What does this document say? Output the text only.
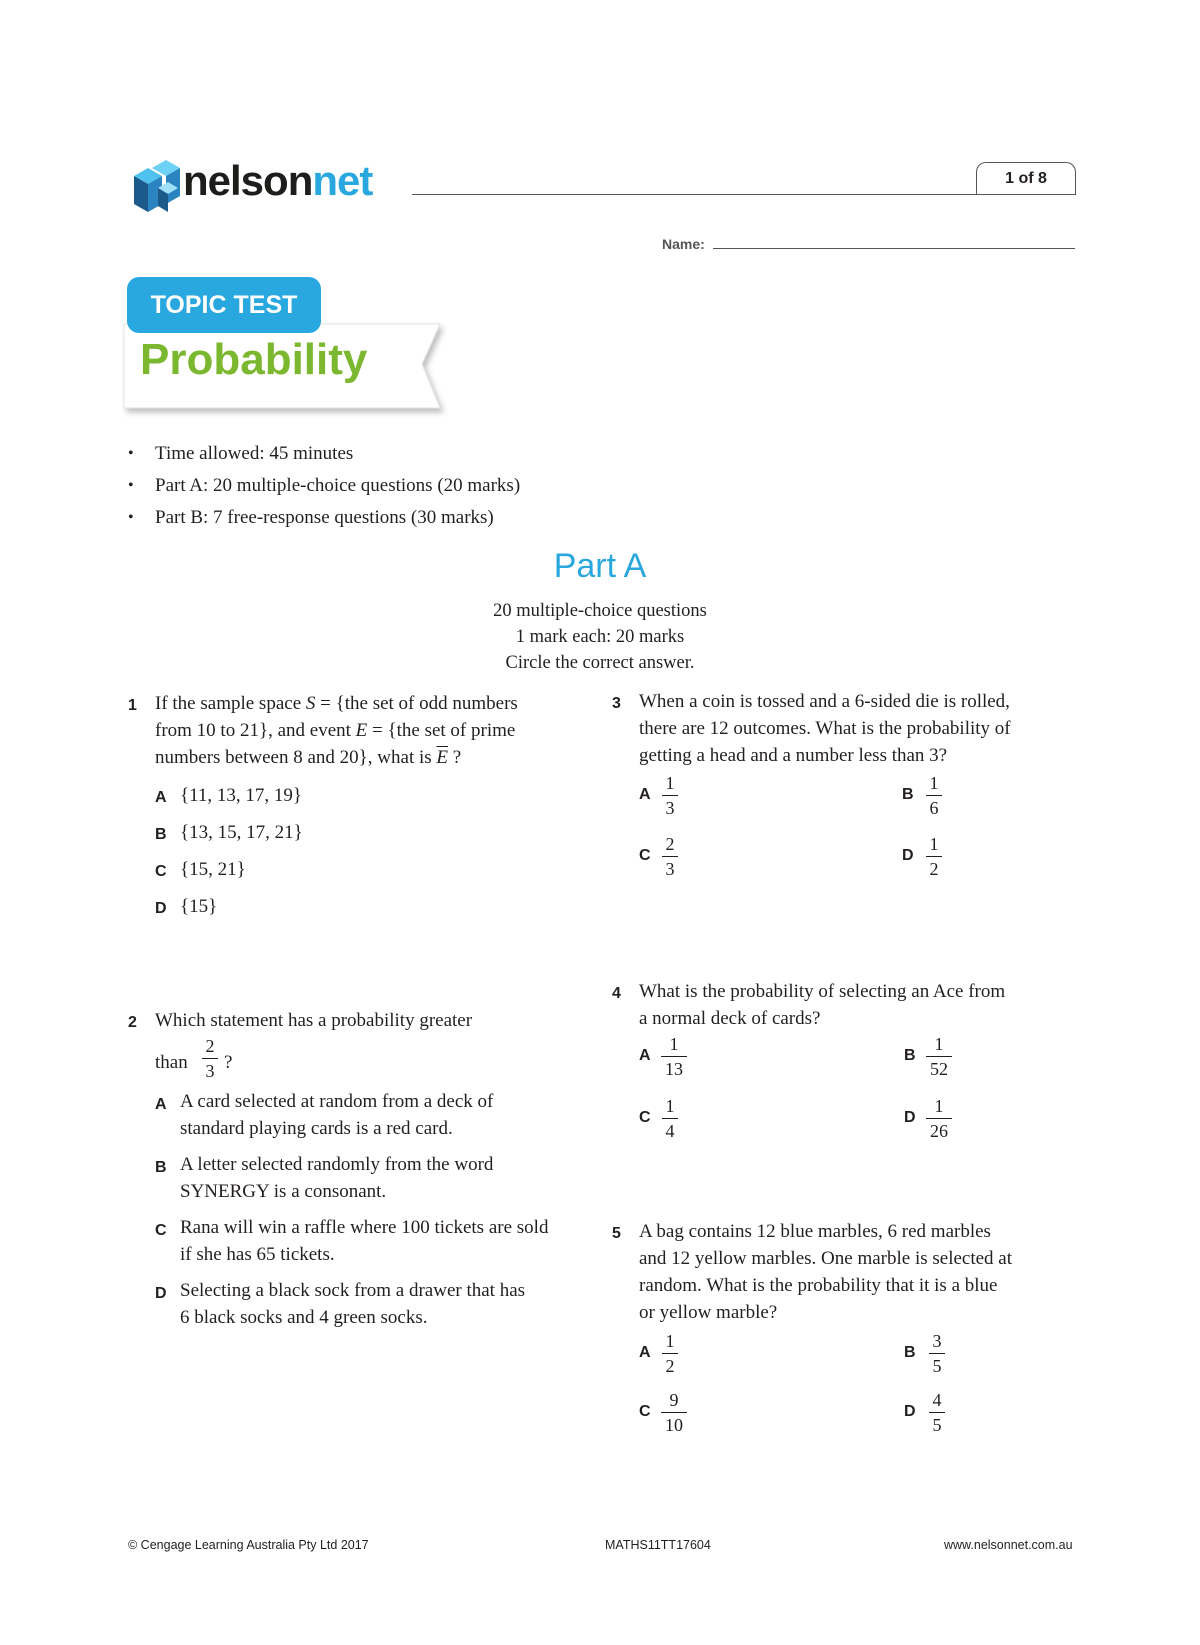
nelsonnet	1 of 8
Name:
TOPIC TEST
Probability
• Time allowed: 45 minutes
• Part A: 20 multiple-choice questions (20 marks)
• Part B: 7 free-response questions (30 marks)
Part A
20 multiple-choice questions
1 mark each: 20 marks
Circle the correct answer.
1 If the sample space S = {the set of odd numbers
from 10 to 21}, and event E = {the set of prime
numbers between 8 and 20}, what is $\overline{E}$ ?
A {11, 13, 17, 19}
B {13, 15, 17, 21}
C {15, 21}
D {15}
2 Which statement has a probability greater
than
2
3 ?
A A card selected at random from a deck of
standard playing cards is a red card.
B A letter selected randomly from the word
SYNERGY is a consonant.
C Rana will win a raffle where 100 tickets are sold
if she has 65 tickets.
D Selecting a black sock from a drawer that has
6 black socks and 4 green socks.
3 When a coin is tossed and a 6-sided die is rolled,
there are 12 outcomes. What is the probability of
getting a head and a number less than 3?
A
1
3
B
1
6
C
2
3
D
1
2
4 What is the probability of selecting an Ace from
a normal deck of cards?
A
1
13
B
1
52
C
1
4
D
1
26
5 A bag contains 12 blue marbles, 6 red marbles
and 12 yellow marbles. One marble is selected at
random. What is the probability that it is a blue
or yellow marble?
A
1
2
B
3
5
C
9
10
D
4
5
© Cengage Learning Australia Pty Ltd 2017	MATHS11TT17604	www.nelsonnet.com.au
